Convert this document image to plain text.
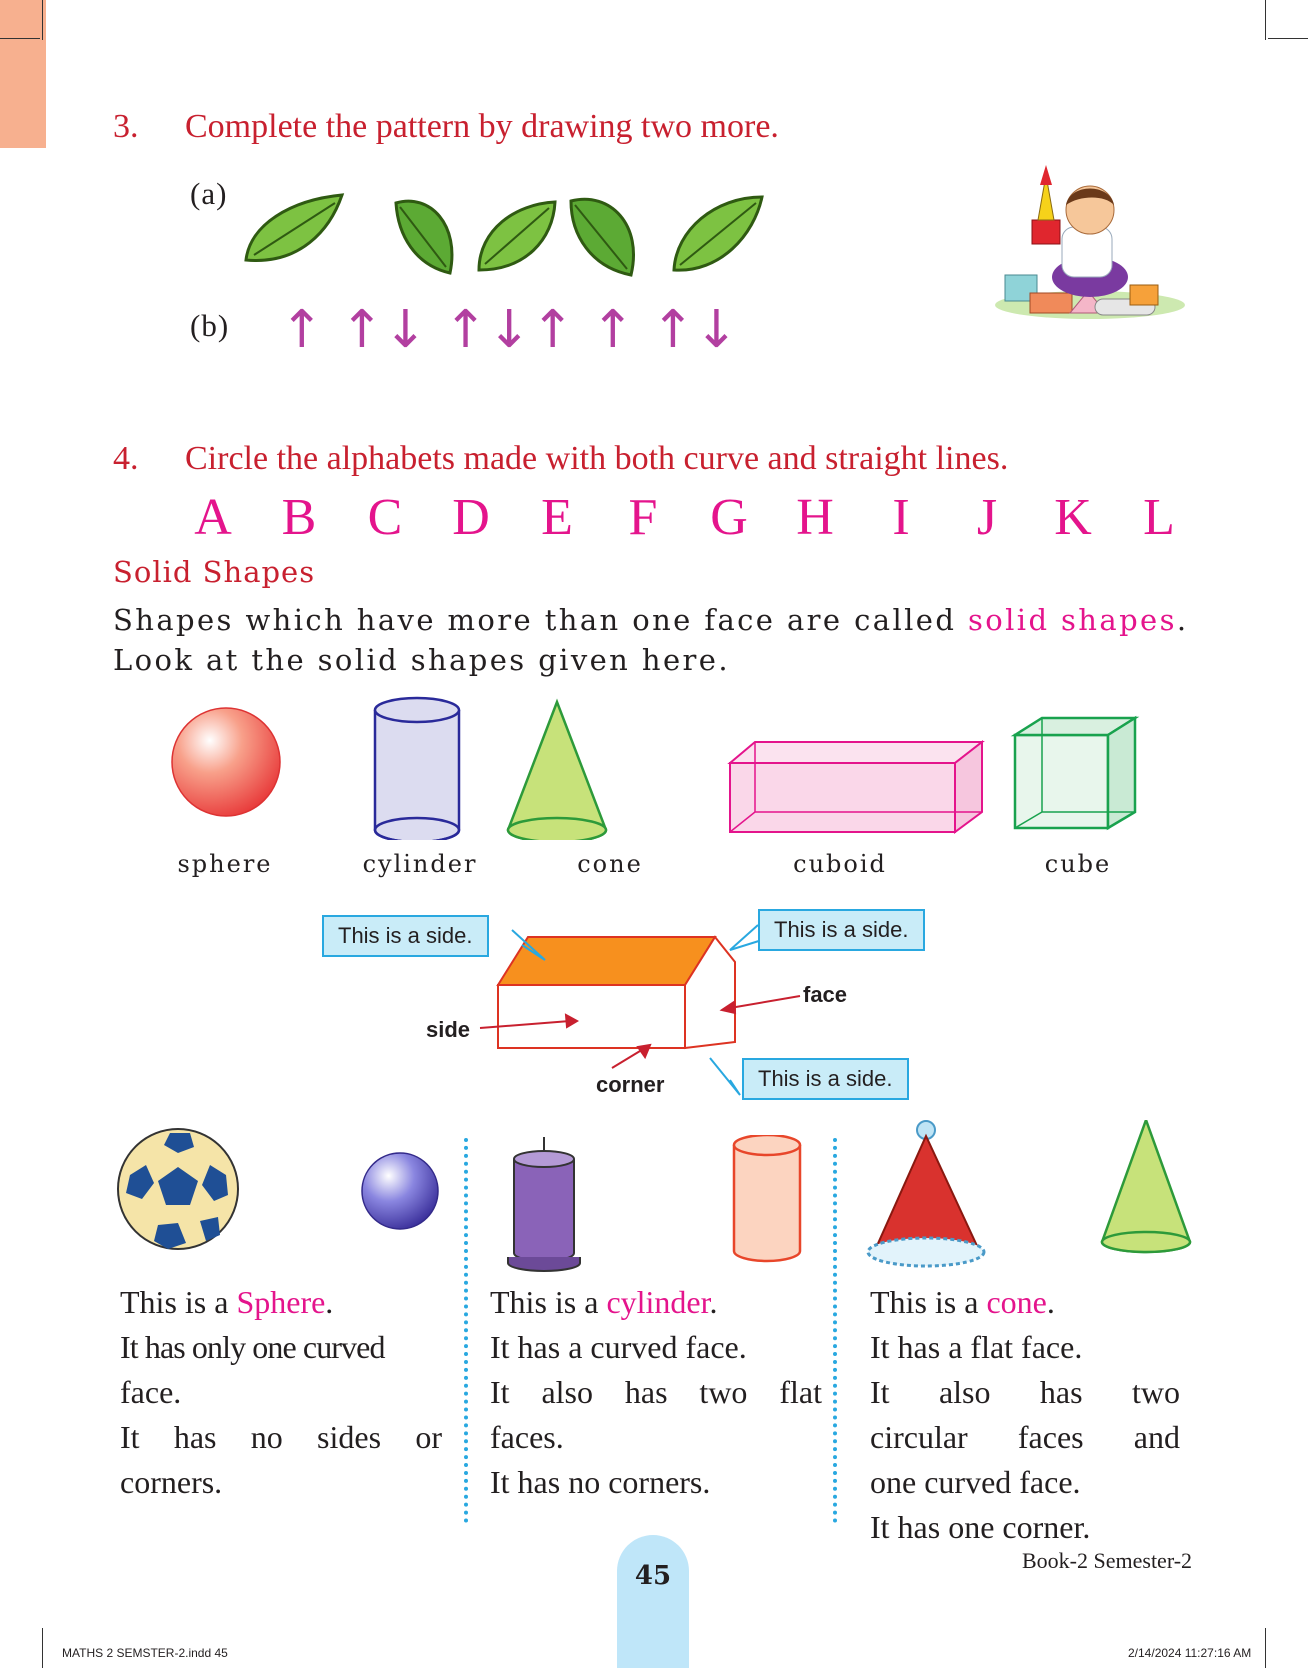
3. Complete the pattern by drawing two more.
(a)
(b) ↑ ↑↓ ↑↓↑ ↑ ↑↓
4. Circle the alphabets made with both curve and straight lines.
A B C D E	F	G H	I	J	K L
Solid Shapes
Shapes which have more than one face are called solid shapes.
Look at the solid shapes given here.
sphere	cylinder	cone	cuboid	cube
This is a side.	This is a side.
This is a side.
face
side
corner
This is a Sphere.
It has only one curved
face.
It has no sides or
corners.
This is a cylinder.
It has a curved face.
It also has two flat
faces.
It has no corners.
This is a cone.
It has a flat face.
It also has two
circular faces and
one curved face.
It has one corner.
45
Book-2 Semester-2
MATHS 2 SEMSTER-2.indd 45	2/14/2024 11:27:16 AM
